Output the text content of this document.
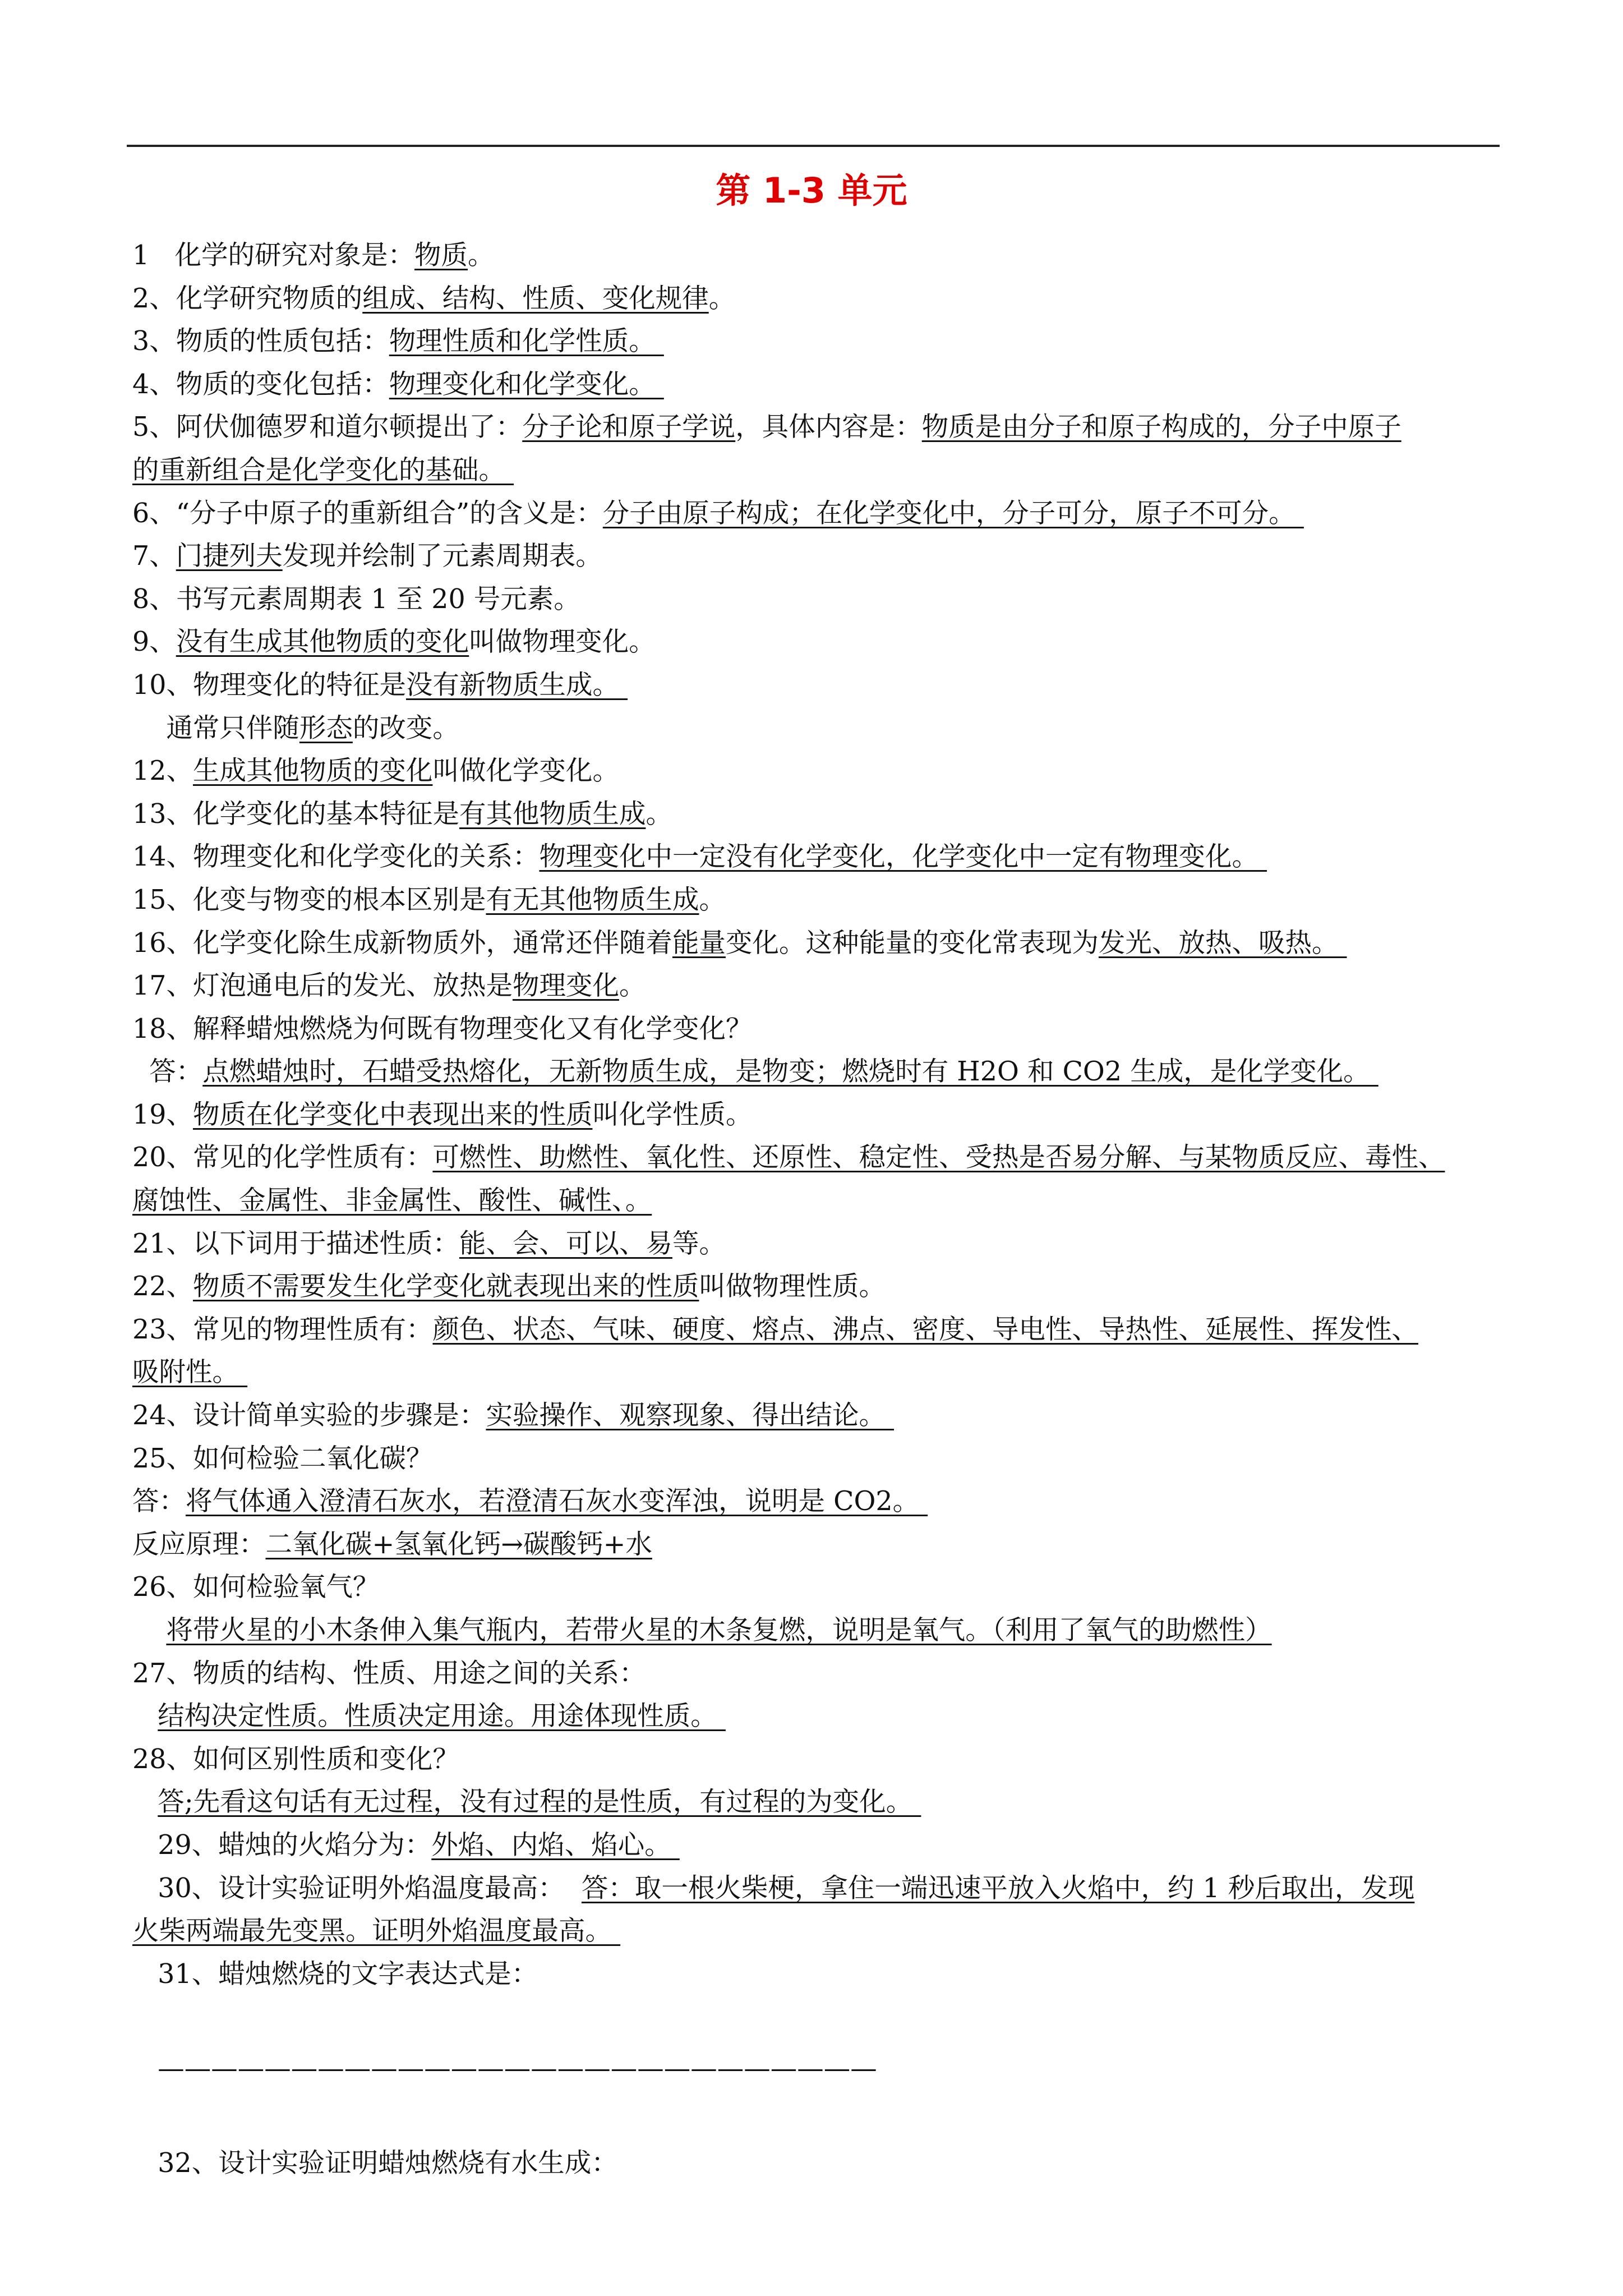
第 1-3 单元
1   化学的研究对象是：物质。
2、化学研究物质的组成、结构、性质、变化规律。
3、物质的性质包括：物理性质和化学性质。
4、物质的变化包括：物理变化和化学变化。
5、阿伏伽德罗和道尔顿提出了：分子论和原子学说，具体内容是：物质是由分子和原子构成的，分子中原子
的重新组合是化学变化的基础。
6、“分子中原子的重新组合”的含义是：分子由原子构成；在化学变化中，分子可分，原子不可分。
7、门捷列夫发现并绘制了元素周期表。
8、书写元素周期表 1 至 20 号元素。
9、没有生成其他物质的变化叫做物理变化。
10、物理变化的特征是没有新物质生成。
通常只伴随形态的改变。
12、生成其他物质的变化叫做化学变化。
13、化学变化的基本特征是有其他物质生成。
14、物理变化和化学变化的关系：物理变化中一定没有化学变化，化学变化中一定有物理变化。
15、化变与物变的根本区别是有无其他物质生成。
16、化学变化除生成新物质外，通常还伴随着能量变化。这种能量的变化常表现为发光、放热、吸热。
17、灯泡通电后的发光、放热是物理变化。
18、解释蜡烛燃烧为何既有物理变化又有化学变化？
答：点燃蜡烛时，石蜡受热熔化，无新物质生成，是物变；燃烧时有 H2O 和 CO2 生成，是化学变化。
19、物质在化学变化中表现出来的性质叫化学性质。
20、常见的化学性质有：可燃性、助燃性、氧化性、还原性、稳定性、受热是否易分解、与某物质反应、毒性、
腐蚀性、金属性、非金属性、酸性、碱性、。
21、以下词用于描述性质：能、会、可以、易等。
22、物质不需要发生化学变化就表现出来的性质叫做物理性质。
23、常见的物理性质有：颜色、状态、气味、硬度、熔点、沸点、密度、导电性、导热性、延展性、挥发性、
吸附性。
24、设计简单实验的步骤是：实验操作、观察现象、得出结论。
25、如何检验二氧化碳？
答：将气体通入澄清石灰水，若澄清石灰水变浑浊，说明是 CO2。
反应原理：二氧化碳+氢氧化钙→碳酸钙+水
26、如何检验氧气？
将带火星的小木条伸入集气瓶内，若带火星的木条复燃，说明是氧气。（利用了氧气的助燃性）
27、物质的结构、性质、用途之间的关系：
结构决定性质。性质决定用途。用途体现性质。
28、如何区别性质和变化？
答;先看这句话有无过程，没有过程的是性质，有过程的为变化。
29、蜡烛的火焰分为：外焰、内焰、焰心。
30、设计实验证明外焰温度最高：  答：取一根火柴梗，拿住一端迅速平放入火焰中，约 1 秒后取出，发现
火柴两端最先变黑。证明外焰温度最高。
31、蜡烛燃烧的文字表达式是：
———————————————————————————
32、设计实验证明蜡烛燃烧有水生成：
